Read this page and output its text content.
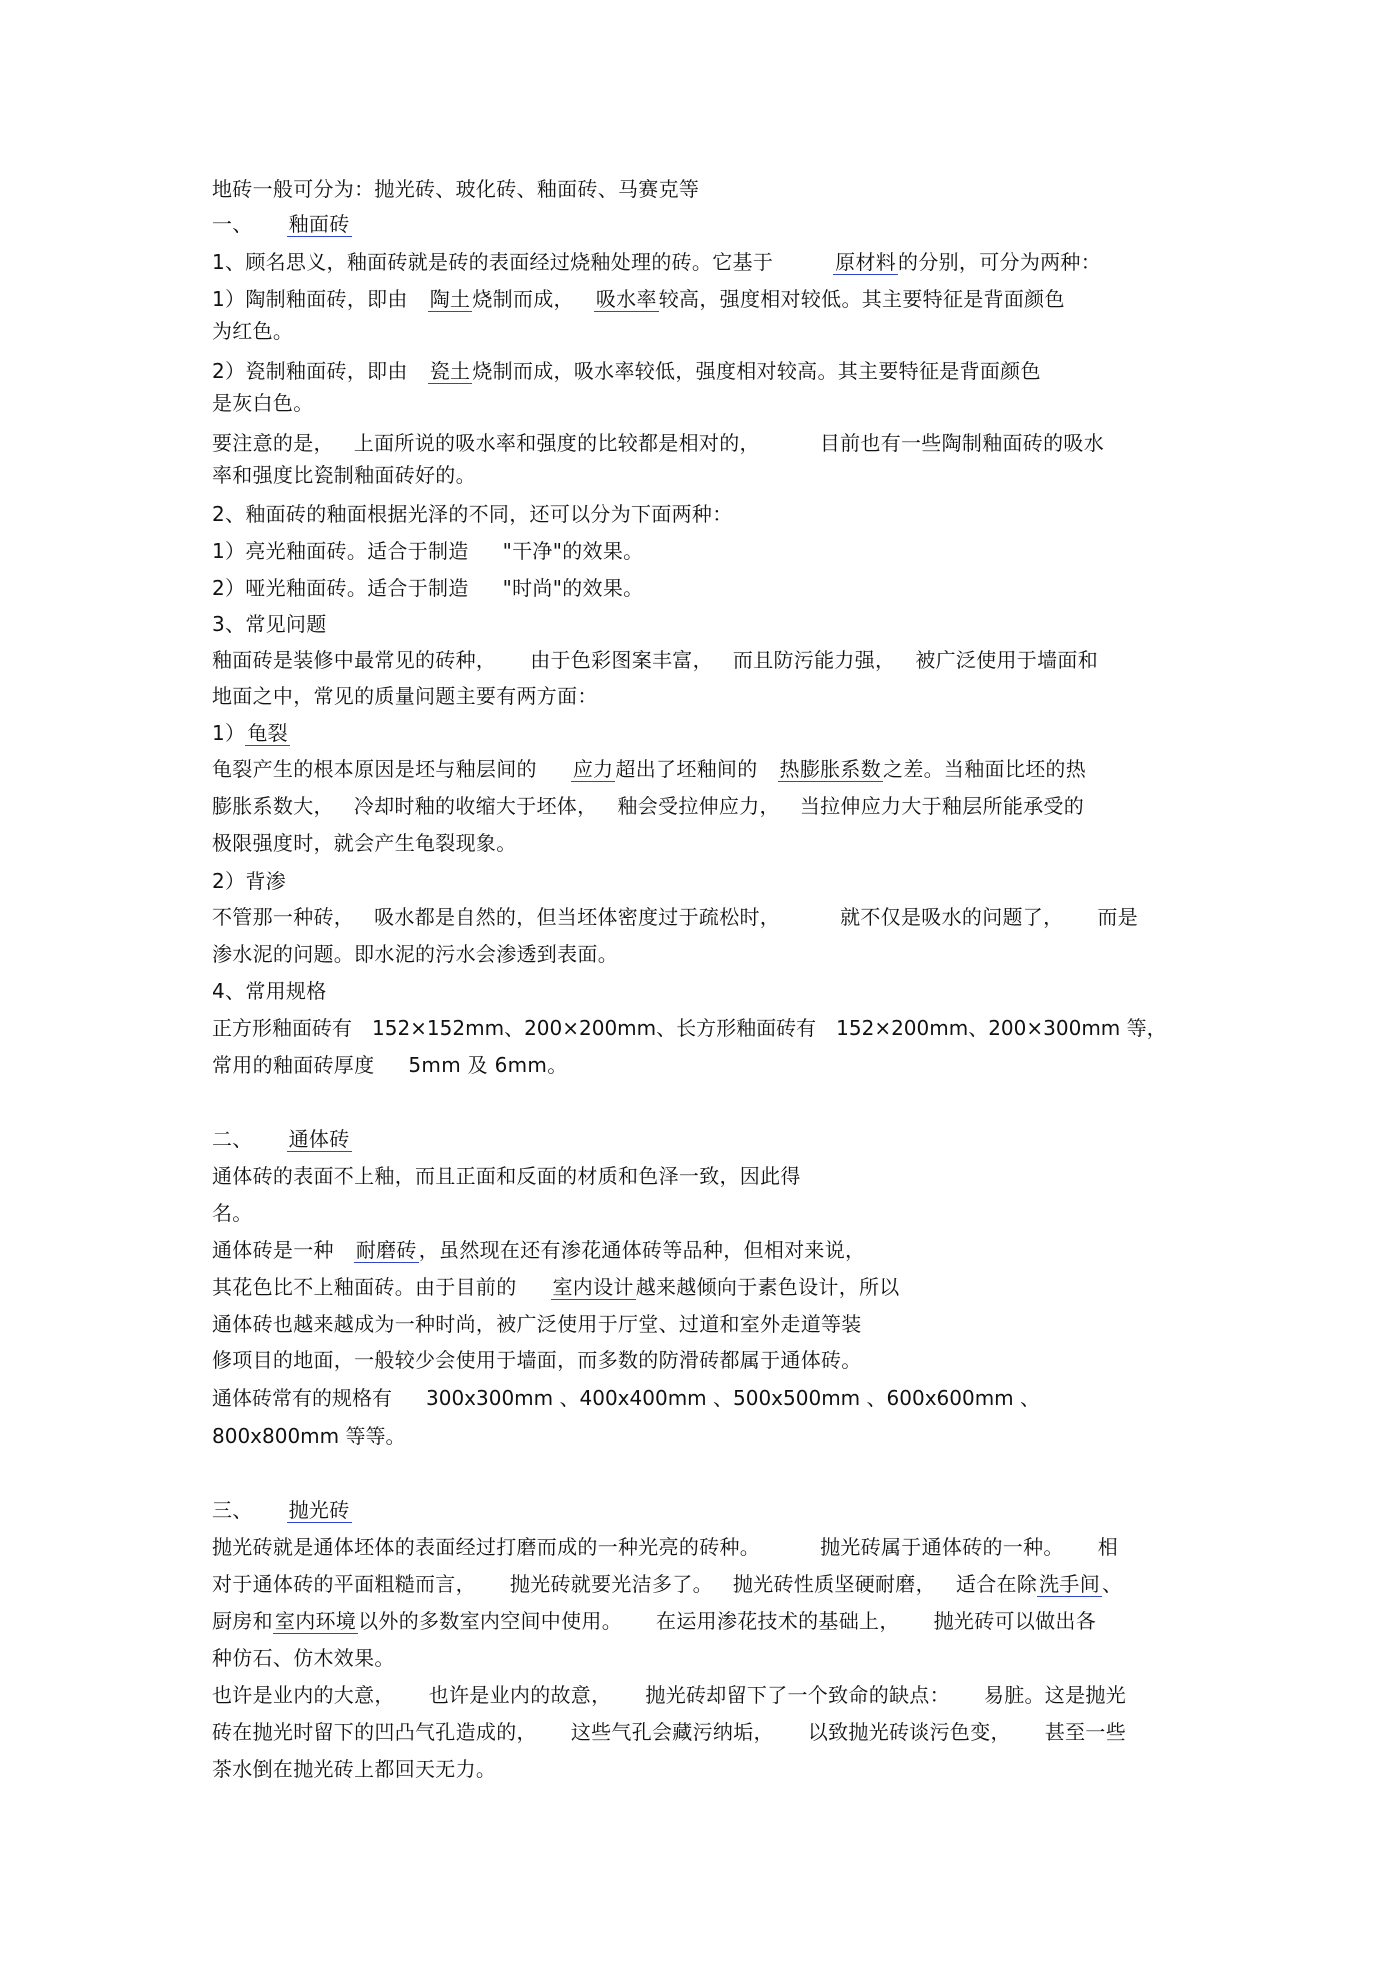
地砖一般可分为：抛光砖、玻化砖、釉面砖、马赛克等
一、 釉面砖
1、顾名思义，釉面砖就是砖的表面经过烧釉处理的砖。它基于	原材料 的分别，可分为两种：
1）陶制釉面砖，即由 陶土 烧制而成， 吸水率 较高，强度相对较低。其主要特征是背面颜色
为红色。
2）瓷制釉面砖，即由 瓷土 烧制而成，吸水率较低，强度相对较高。其主要特征是背面颜色
是灰白色。
要注意的是， 上面所说的吸水率和强度的比较都是相对的，	目前也有一些陶制釉面砖的吸水
率和强度比瓷制釉面砖好的。
2、釉面砖的釉面根据光泽的不同，还可以分为下面两种：
1）亮光釉面砖。适合于制造 "干净"的效果。
2）哑光釉面砖。适合于制造 "时尚"的效果。
3、常见问题
釉面砖是装修中最常见的砖种， 由于色彩图案丰富， 而且防污能力强， 被广泛使用于墙面和
地面之中，常见的质量问题主要有两方面：
1） 龟裂
龟裂产生的根本原因是坯与釉层间的 应力 超出了坯釉间的 热膨胀系数 之差。当釉面比坯的热
膨胀系数大， 冷却时釉的收缩大于坯体， 釉会受拉伸应力， 当拉伸应力大于釉层所能承受的
极限强度时，就会产生龟裂现象。
2）背渗
不管那一种砖， 吸水都是自然的，但当坯体密度过于疏松时，	就不仅是吸水的问题了， 而是
渗水泥的问题。即水泥的污水会渗透到表面。
4、常用规格
正方形釉面砖有 152×152mm、200×200mm、长方形釉面砖有 152×200mm、200×300mm 等，
常用的釉面砖厚度 5mm 及 6mm。
二、 通体砖
通体砖的表面不上釉，而且正面和反面的材质和色泽一致，因此得
名。
通体砖是一种 耐磨砖 ，虽然现在还有渗花通体砖等品种，但相对来说，
其花色比不上釉面砖。由于目前的 室内设计 越来越倾向于素色设计，所以
通体砖也越来越成为一种时尚，被广泛使用于厅堂、过道和室外走道等装
修项目的地面，一般较少会使用于墙面，而多数的防滑砖都属于通体砖。
通体砖常有的规格有 300x300mm 、400x400mm 、500x500mm 、600x600mm 、
800x800mm 等等。
三、 抛光砖
抛光砖就是通体坯体的表面经过打磨而成的一种光亮的砖种。	抛光砖属于通体砖的一种。 相
对于通体砖的平面粗糙而言， 抛光砖就要光洁多了。 抛光砖性质坚硬耐磨， 适合在除 洗手间 、
厨房和 室内环境 以外的多数室内空间中使用。 在运用渗花技术的基础上， 抛光砖可以做出各
种仿石、仿木效果。
也许是业内的大意， 也许是业内的故意， 抛光砖却留下了一个致命的缺点： 易脏。这是抛光
砖在抛光时留下的凹凸气孔造成的， 这些气孔会藏污纳垢， 以致抛光砖谈污色变， 甚至一些
茶水倒在抛光砖上都回天无力。
